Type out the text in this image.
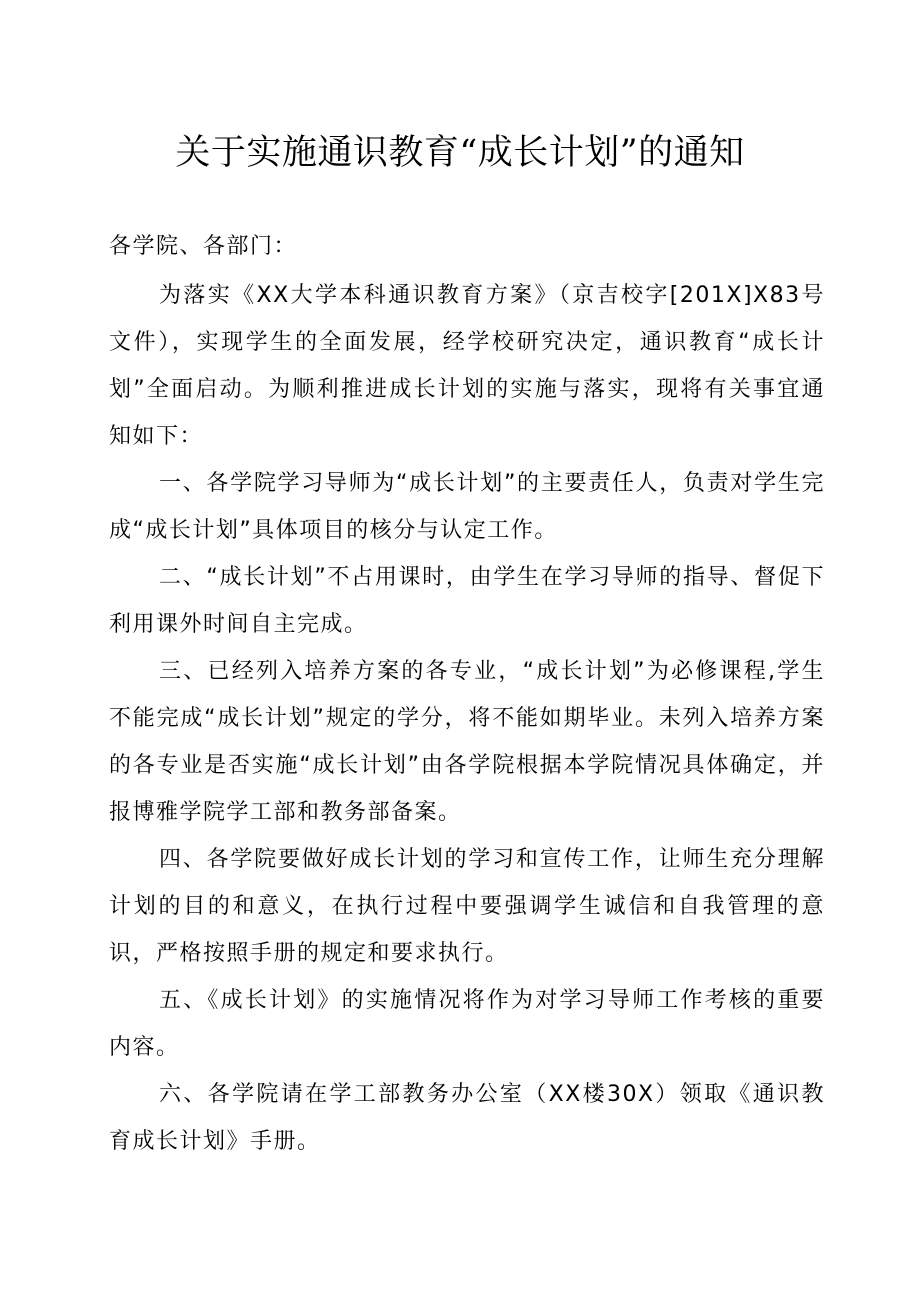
关于实施通识教育“成长计划”的通知

各学院、各部门：

为落实《XX大学本科通识教育方案》（京吉校字[201X]X83号文件），实现学生的全面发展，经学校研究决定，通识教育“成长计划”全面启动。为顺利推进成长计划的实施与落实，现将有关事宜通知如下：

一、各学院学习导师为“成长计划”的主要责任人，负责对学生完成“成长计划”具体项目的核分与认定工作。

二、“成长计划”不占用课时，由学生在学习导师的指导、督促下利用课外时间自主完成。

三、已经列入培养方案的各专业，“成长计划”为必修课程,学生不能完成“成长计划”规定的学分，将不能如期毕业。未列入培养方案的各专业是否实施“成长计划”由各学院根据本学院情况具体确定，并报博雅学院学工部和教务部备案。

四、各学院要做好成长计划的学习和宣传工作，让师生充分理解计划的目的和意义，在执行过程中要强调学生诚信和自我管理的意识，严格按照手册的规定和要求执行。

五、《成长计划》的实施情况将作为对学习导师工作考核的重要内容。

六、各学院请在学工部教务办公室（XX楼30X）领取《通识教育成长计划》手册。
